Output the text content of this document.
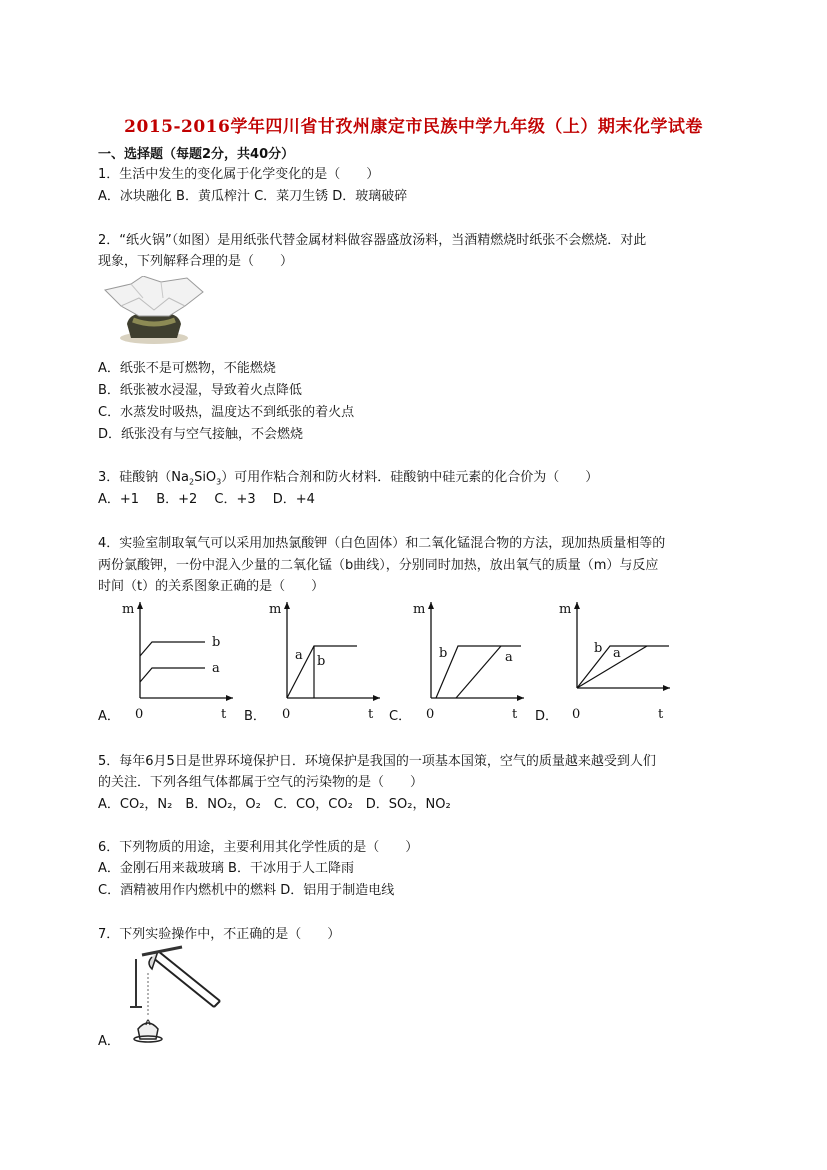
2015-2016学年四川省甘孜州康定市民族中学九年级（上）期末化学试卷
一、选择题（每题2分，共40分）
1．生活中发生的变化属于化学变化的是（　　）
A．冰块融化 B．黄瓜榨汁 C．菜刀生锈 D．玻璃破碎
2．“纸火锅”（如图）是用纸张代替金属材料做容器盛放汤料，当酒精燃烧时纸张不会燃烧．对此
现象，下列解释合理的是（　　）
A．纸张不是可燃物，不能燃烧
B．纸张被水浸湿，导致着火点降低
C．水蒸发时吸热，温度达不到纸张的着火点
D．纸张没有与空气接触，不会燃烧
3．硅酸钠$(Na_2SiO_3)$可用作粘合剂和防火材料．硅酸钠中硅元素的化合价为（　　）
A．+1　 B．+2　 C．+3　 D．+4
4．实验室制取氧气可以采用加热氯酸钾（白色固体）和二氧化锰混合物的方法，现加热质量相等的
两份氯酸钾，一份中混入少量的二氧化锰（b曲线），分别同时加热，放出氧气的质量（m）与反应
时间（t）的关系图象正确的是（　　）
A．
m
t
0
b
a
B．
m
t
0
a b
C．
m
t
0
b	a
D．
m
t
0
b a
5．每年6月5日是世界环境保护日．环境保护是我国的一项基本国策，空气的质量越来越受到人们
的关注．下列各组气体都属于空气的污染物的是（　　）
A．CO₂，N₂　B．NO₂，O₂　C．CO，CO₂　D．SO₂，NO₂
6．下列物质的用途，主要利用其化学性质的是（　　）
A．金刚石用来裁玻璃 B．干冰用于人工降雨
C．酒精被用作内燃机中的燃料 D．铝用于制造电线
7．下列实验操作中，不正确的是（　　）
A．
